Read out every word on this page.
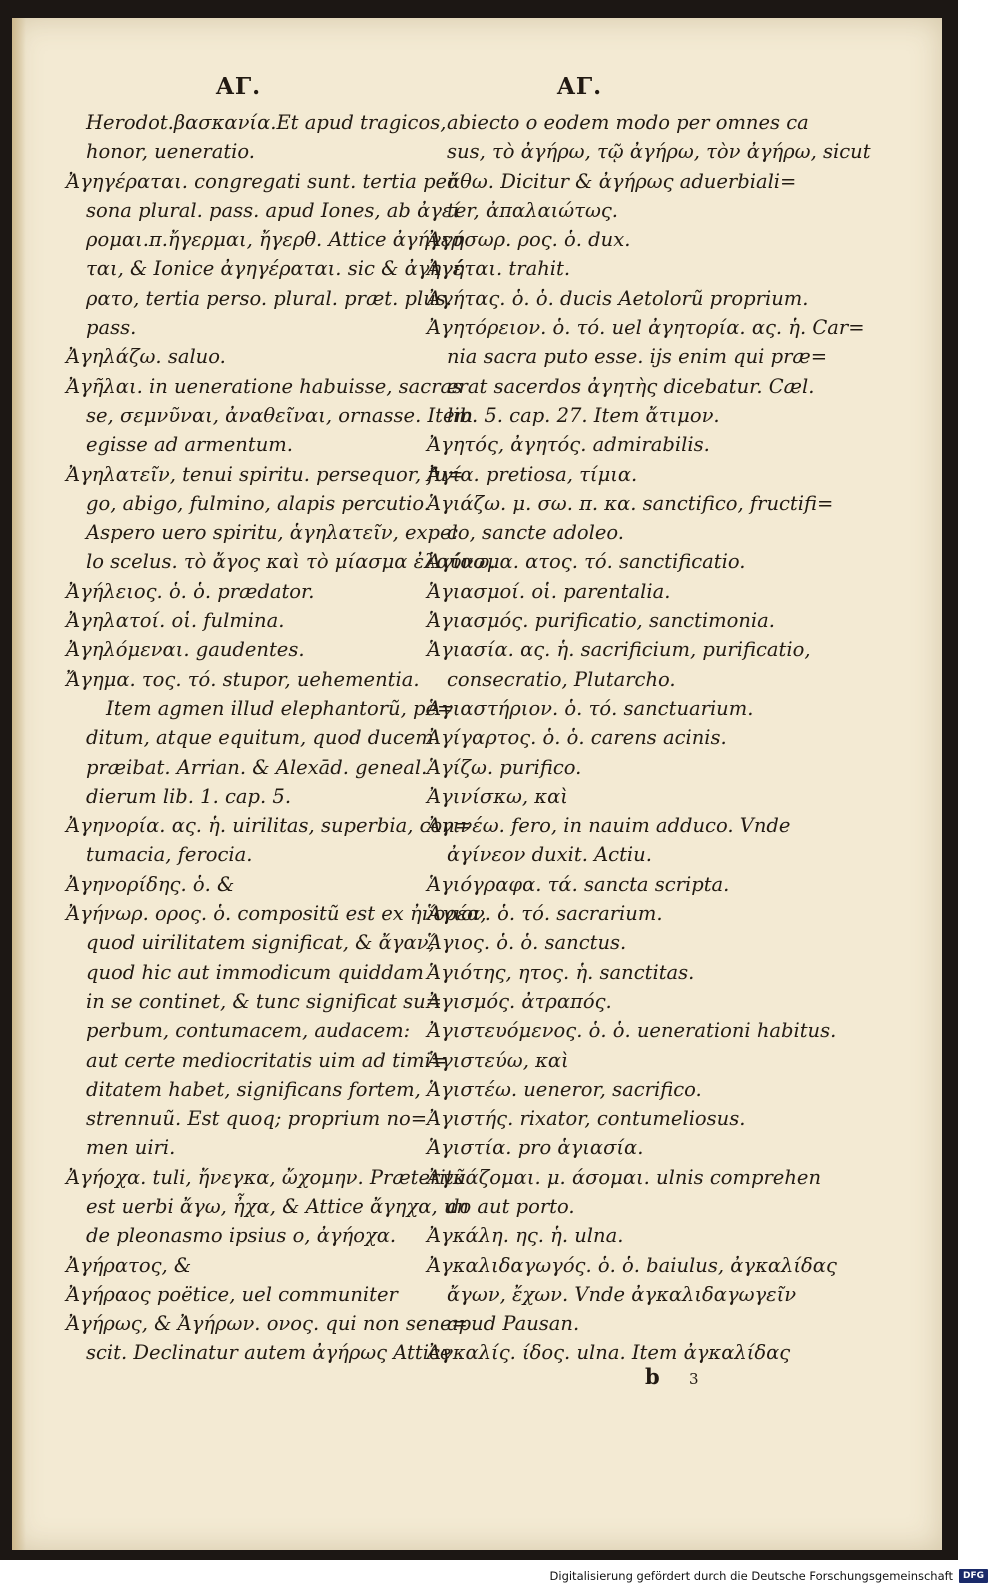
ΑΓ.
Herodot.βασκανία.Et apud tragicos,
honor, ueneratio.
Ἀγηγέραται. congregati sunt. tertia per
sona plural. pass. apud Iones, ab ἀγεί
ρομαι.π.ἤγερμαι, ἤγερθ. Attice ἀγήγερ
ται, & Ionice ἀγηγέραται. sic & ἀγηγέ
ρατο, tertia perso. plural. præt. plus.
pass.
Ἀγηλάζω. saluo.
Ἀγῆλαι. in ueneratione habuisse, sacras
se, σεμνῦναι, ἀναθεῖναι, ornasse. Item
egisse ad armentum.
Ἀγηλατεῖν, tenui spiritu. persequor, fu=
go, abigo, fulmino, alapis percutio.
Aspero uero spiritu, ἁγηλατεῖν, expel
lo scelus. τὸ ἄγος καὶ τὸ μίασμα ἐλαύνω.
Ἀγήλειος. ὁ. ὁ. prædator.
Ἀγηλατοί. οἱ. fulmina.
Ἀγηλόμεναι. gaudentes.
Ἄγημα. τος. τό. stupor, uehementia.
Item agmen illud elephantorũ, pe=
ditum, atque equitum, quod ducem
præibat. Arrian. & Alexād. geneal.
dierum lib. 1. cap. 5.
Ἀγηνορία. ας. ἡ. uirilitas, superbia, con=
tumacia, ferocia.
Ἀγηνορίδης. ὁ. &
Ἀγήνωρ. ορος. ὁ. compositũ est ex ἠνορέα,
quod uirilitatem significat, & ἄγαν,
quod hic aut immodicum quiddam
in se continet, & tunc significat su=
perbum, contumacem, audacem:
aut certe mediocritatis uim ad timi=
ditatem habet, significans fortem,
strennuũ. Est quoq; proprium no=
men uiri.
Ἀγήοχα. tuli, ἤνεγκα, ὤχομην. Præteritũ
est uerbi ἄγω, ἦχα, & Attice ἄγηχα, un
de pleonasmo ipsius ο, ἀγήοχα.
Ἀγήρατος, &
Ἀγήραος poëtice, uel communiter
Ἀγήρως, & Ἀγήρων. ονος. qui non sene=
scit. Declinatur autem ἀγήρως Attice
ΑΓ.
abiecto ο eodem modo per omnes ca
sus, τὸ ἀγήρω, τῷ ἀγήρω, τὸν ἀγήρω, sicut
ἄθω. Dicitur & ἀγήρως aduerbiali=
ter, ἀπαλαιώτως.
Ἀγήσωρ. ρος. ὁ. dux.
Ἀγήται. trahit.
Ἀγήτας. ὁ. ὁ. ducis Aetolorũ proprium.
Ἀγητόρειον. ὁ. τό. uel ἀγητορία. ας. ἡ. Car=
nia sacra puto esse. ijs enim qui præ=
erat sacerdos ἀγητὴς dicebatur. Cæl.
lib. 5. cap. 27. Item ἄτιμον.
Ἀγητός, ἀγητός. admirabilis.
Ἀγία. pretiosa, τίμια.
Ἁγιάζω. μ. σω. π. κα. sanctifico, fructifi=
co, sancte adoleo.
Ἁγίασμα. ατος. τό. sanctificatio.
Ἁγιασμοί. οἱ. parentalia.
Ἁγιασμός. purificatio, sanctimonia.
Ἁγιασία. ας. ἡ. sacrificium, purificatio,
consecratio, Plutarcho.
Ἁγιαστήριον. ὁ. τό. sanctuarium.
Ἀγίγαρτος. ὁ. ὁ. carens acinis.
Ἁγίζω. purifico.
Ἀγινίσκω, καὶ
Ἀγινέω. fero, in nauim adduco. Vnde
ἀγίνεον duxit. Actiu.
Ἁγιόγραφα. τά. sancta scripta.
Ἅγιον. ὁ. τό. sacrarium.
Ἅγιος. ὁ. ὁ. sanctus.
Ἁγιότης, ητος. ἡ. sanctitas.
Ἀγισμός. ἀτραπός.
Ἀγιστευόμενος. ὁ. ὁ. uenerationi habitus.
Ἁγιστεύω, καὶ
Ἁγιστέω. ueneror, sacrifico.
Ἀγιστής. rixator, contumeliosus.
Ἁγιστία. pro ἁγιασία.
Ἀγκάζομαι. μ. άσομαι. ulnis comprehen
do aut porto.
Ἀγκάλη. ης. ἡ. ulna.
Ἀγκαλιδαγωγός. ὁ. ὁ. baiulus, ἀγκαλίδας
ἄγων, ἔχων. Vnde ἀγκαλιδαγωγεῖν
apud Pausan.
Ἀγκαλίς. ίδος. ulna. Item ἀγκαλίδας
b 3
Digitalisierung gefördert durch die Deutsche Forschungsgemeinschaft	DFG
